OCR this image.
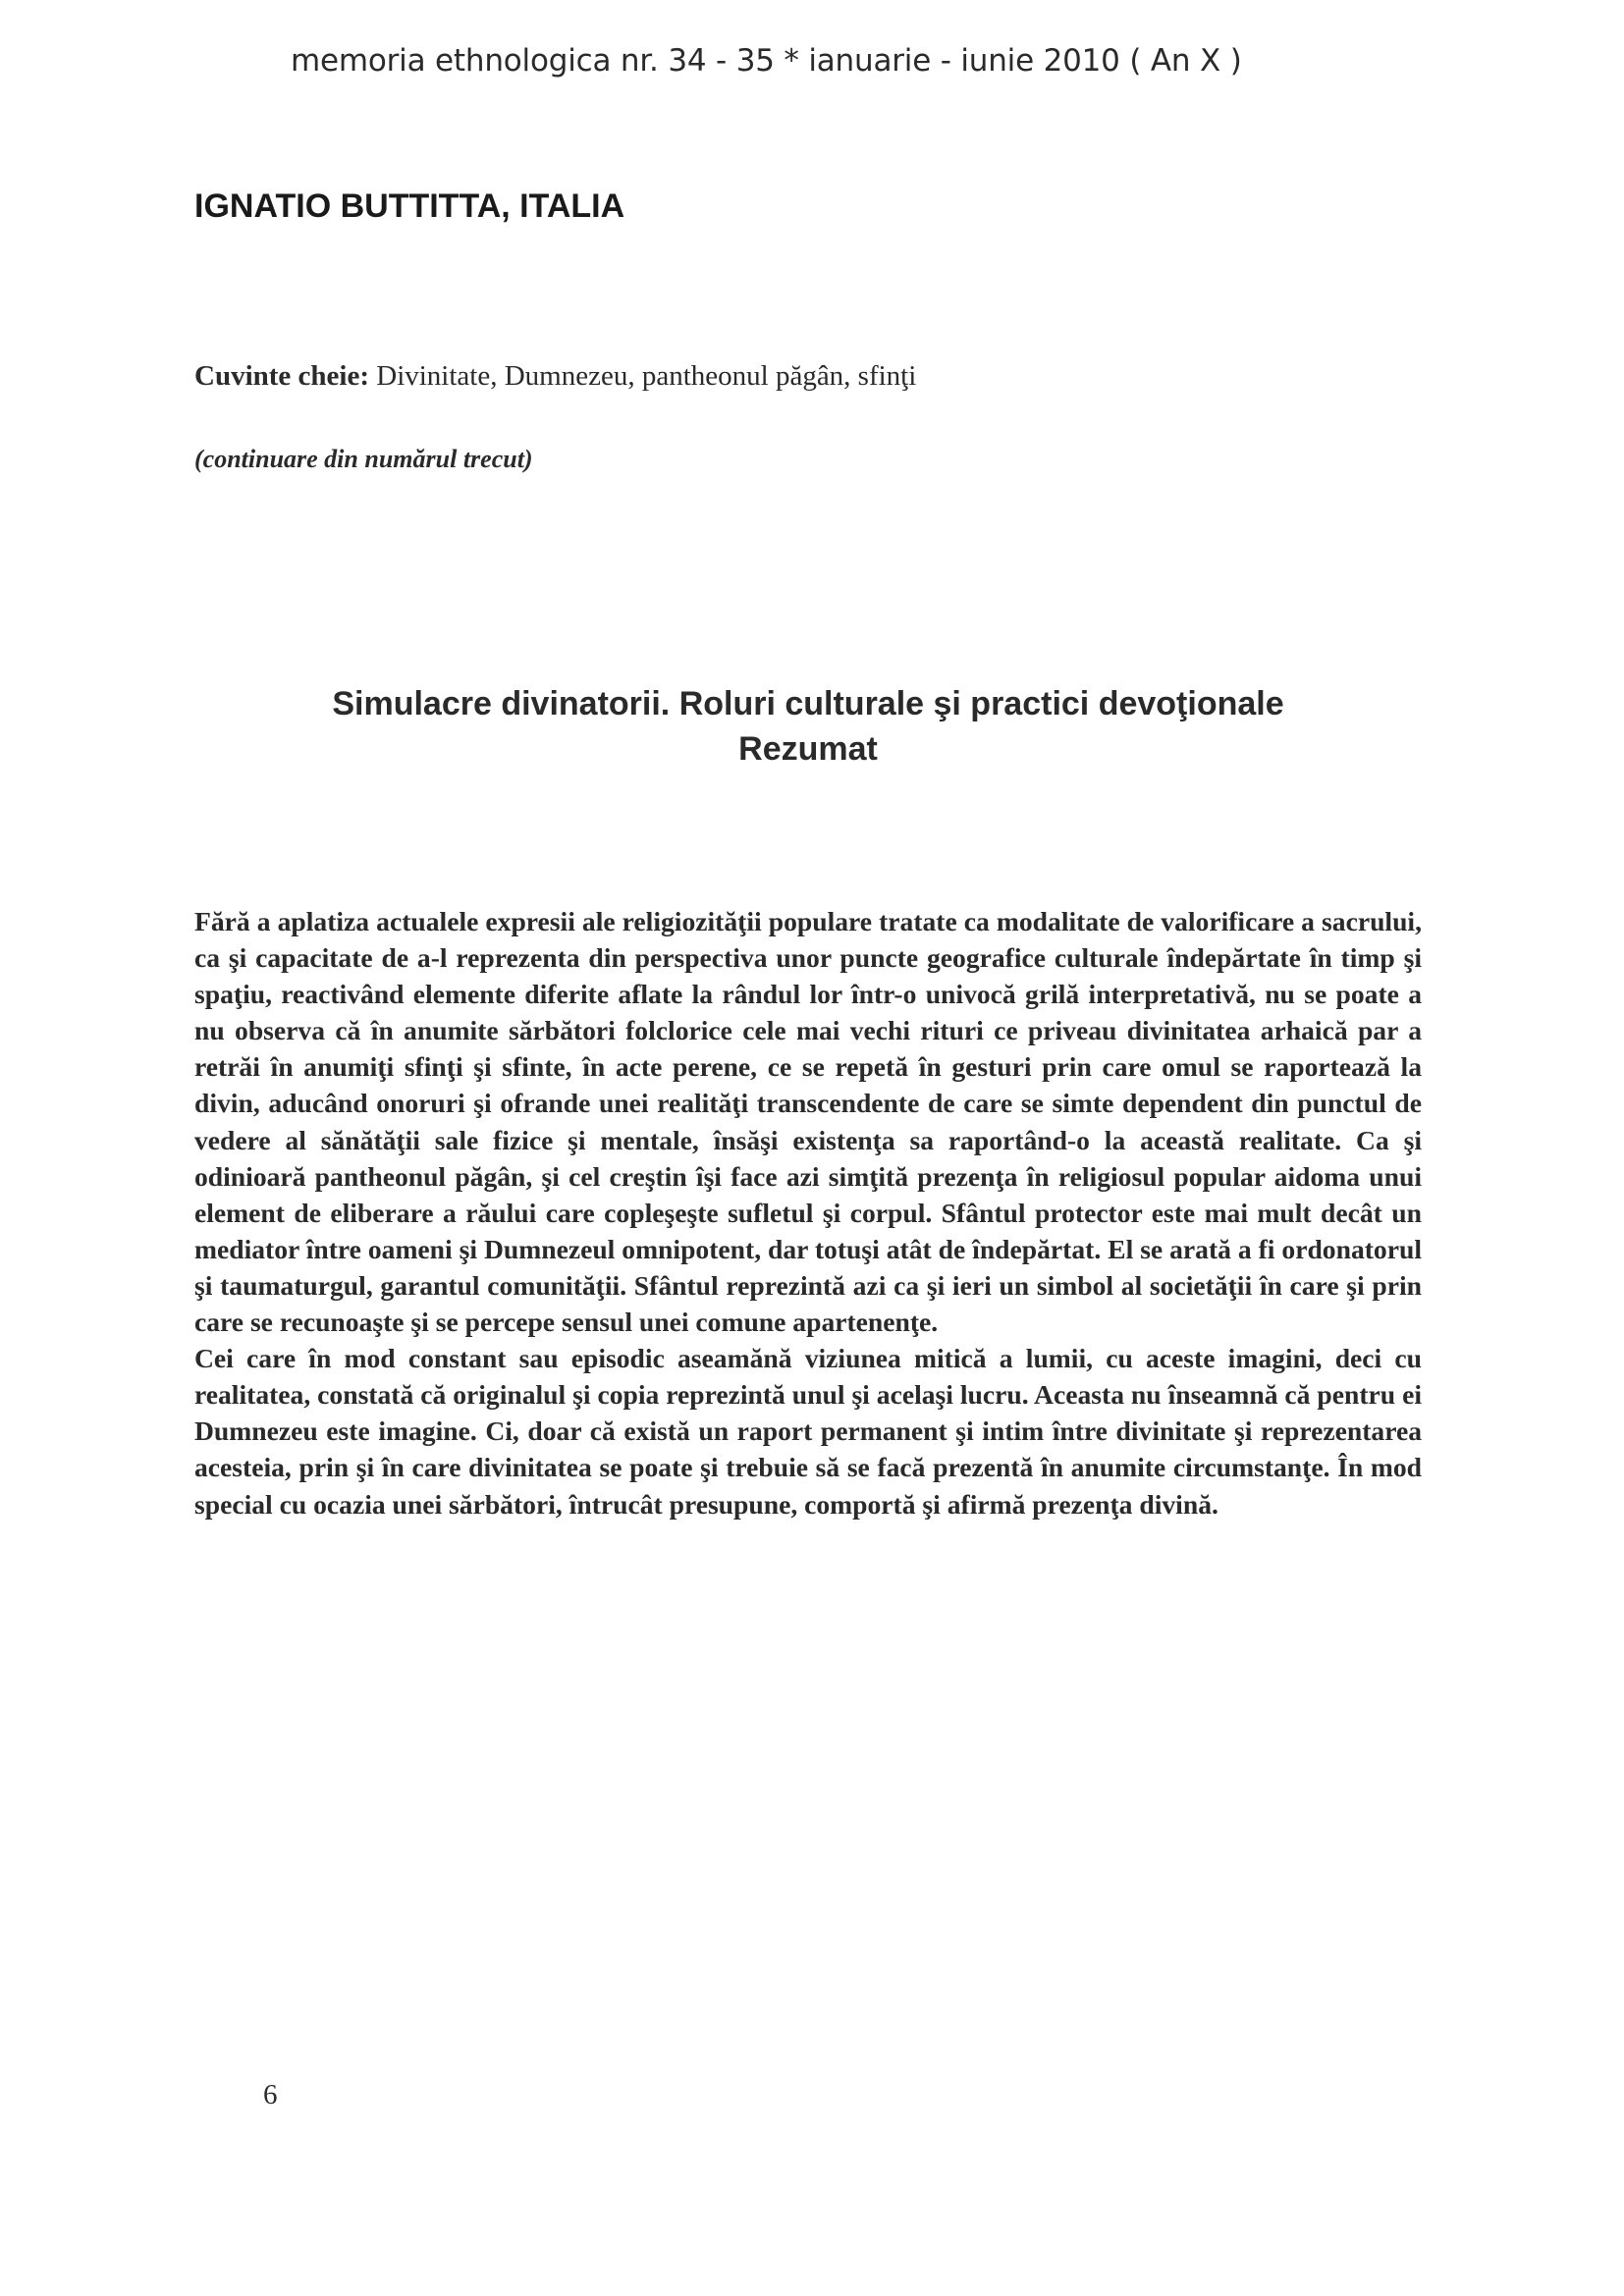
memoria ethnologica nr. 34 - 35 * ianuarie - iunie 2010 ( An X )
IGNATIO BUTTITTA, ITALIA
Cuvinte cheie: Divinitate, Dumnezeu, pantheonul păgân, sfinţi
(continuare din numărul trecut)
Simulacre divinatorii. Roluri culturale şi practici devoţionale
Rezumat

Fără a aplatiza actualele expresii ale religiozităţii populare tratate ca modalitate de valorificare a sacrului, ca şi capacitate de a-l reprezenta din perspectiva unor puncte geografice culturale îndepărtate în timp şi spaţiu, reactivând elemente diferite aflate la rândul lor într-o univocă grilă interpretativă, nu se poate a nu observa că în anumite sărbători folclorice cele mai vechi rituri ce priveau divinitatea arhaică par a retrăi în anumiţi sfinţi şi sfinte, în acte perene, ce se repetă în gesturi prin care omul se raportează la divin, aducând onoruri şi ofrande unei realităţi transcendente de care se simte dependent din punctul de vedere al sănătăţii sale fizice şi mentale, însăşi existenţa sa raportând-o la această realitate. Ca şi odinioară pantheonul păgân, şi cel creştin îşi face azi simţită prezenţa în religiosul popular aidoma unui element de eliberare a răului care copleşeşte sufletul şi corpul. Sfântul protector este mai mult decât un mediator între oameni şi Dumnezeul omnipotent, dar totuşi atât de îndepărtat. El se arată a fi ordonatorul şi taumaturgul, garantul comunităţii. Sfântul reprezintă azi ca şi ieri un simbol al societăţii în care şi prin care se recunoaşte şi se percepe sensul unei comune apartenenţe.

Cei care în mod constant sau episodic aseamănă viziunea mitică a lumii, cu aceste imagini, deci cu realitatea, constată că originalul şi copia reprezintă unul şi acelaşi lucru. Aceasta nu înseamnă că pentru ei Dumnezeu este imagine. Ci, doar că există un raport permanent şi intim între divinitate şi reprezentarea acesteia, prin şi în care divinitatea se poate şi trebuie să se facă prezentă în anumite circumstanţe. În mod special cu ocazia unei sărbători, întrucât presupune, comportă şi afirmă prezenţa divină.

6
